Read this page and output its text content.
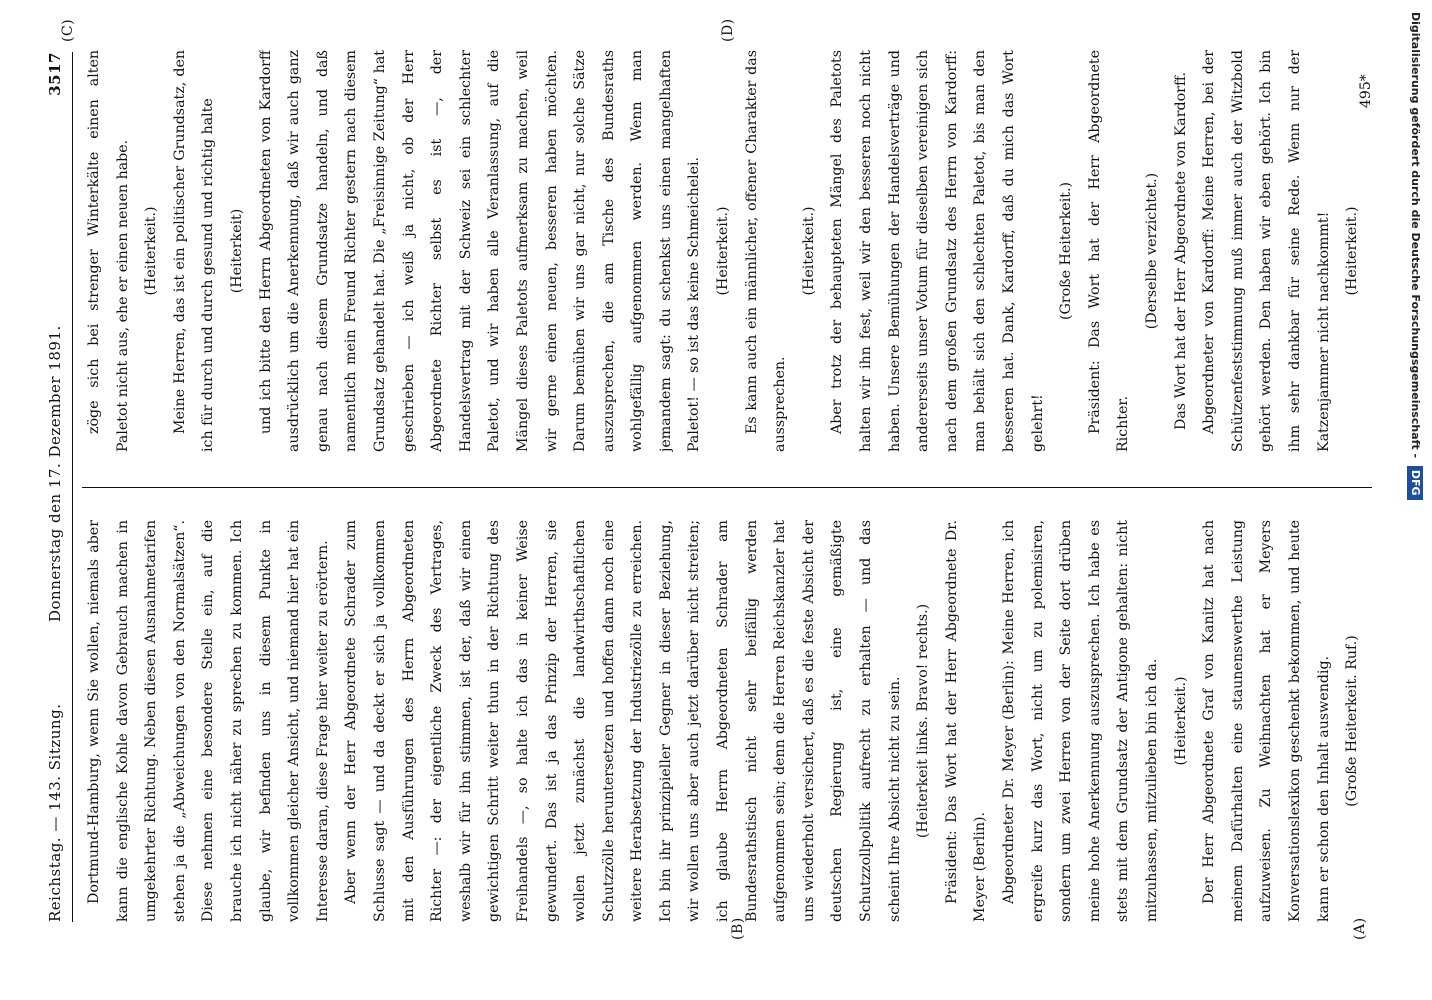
Reichstag. — 143. Sitzung.
Donnerstag den 17. Dezember 1891.
3517
(A)
(B)
(C)	(D)

Dortmund-Hamburg, wenn Sie wollen, niemals aber kann die englische Kohle davon Gebrauch machen in umgekehrter Richtung. Neben diesen Ausnahmetarifen stehen ja die „Abweichungen von den Normalsätzen“. Diese nehmen eine besondere Stelle ein, auf die brauche ich nicht näher zu sprechen zu kommen. Ich glaube, wir befinden uns in diesem Punkte in vollkommen gleicher Ansicht, und niemand hier hat ein Interesse daran, diese Frage hier weiter zu erörtern. Aber wenn der Herr Abgeordnete Schrader zum Schlusse sagt — und da deckt er sich ja vollkommen mit den Ausführungen des Herrn Abgeordneten Richter —: der eigentliche Zweck des Vertrages, weshalb wir für ihn stimmen, ist der, daß wir einen gewichtigen Schritt weiter thun in der Richtung des Freihandels —, so halte ich das in keiner Weise gewundert. Das ist ja das Prinzip der Herren, sie wollen jetzt zunächst die landwirthschaftlichen Schutzzölle heruntersetzen und hoffen dann noch eine weitere Herabsetzung der Industriezölle zu erreichen. Ich bin ihr prinzipieller Gegner in dieser Beziehung, wir wollen uns aber auch jetzt darüber nicht streiten; ich glaube Herrn Abgeordneten Schrader am Bundesrathstisch nicht sehr beifällig werden aufgenommen sein; denn die Herren Reichskanzler hat uns wiederholt versichert, daß es die feste Absicht der deutschen Regierung ist, eine gemäßigte Schutzzollpolitik aufrecht zu erhalten — und das scheint Ihre Absicht nicht zu sein. (Heiterkeit links. Bravo! rechts.) Präsident: Das Wort hat der Herr Abgeordnete Dr. Meyer (Berlin). Abgeordneter Dr. Meyer (Berlin): Meine Herren, ich ergreife kurz das Wort, nicht um zu polemisiren, sondern um zwei Herren von der Seite dort drüben meine hohe Anerkennung auszusprechen. Ich habe es stets mit dem Grundsatz der Antigone gehalten: nicht mitzuhassen, mitzulieben bin ich da. (Heiterkeit.) Der Herr Abgeordnete Graf von Kanitz hat nach meinem Dafürhalten eine staunenswerthe Leistung aufzuweisen. Zu Weihnachten hat er Meyers Konversationslexikon geschenkt bekommen, und heute kann er schon den Inhalt auswendig. (Große Heiterkeit. Ruf.)

zöge sich bei strenger Winterkälte einen alten Paletot nicht aus, ehe er einen neuen habe. (Heiterkeit.) Meine Herren, das ist ein politischer Grundsatz, den ich für durch und durch gesund und richtig halte (Heiterkeit) und ich bitte den Herrn Abgeordneten von Kardorff ausdrücklich um die Anerkennung, daß wir auch ganz genau nach diesem Grundsatze handeln, und daß namentlich mein Freund Richter gestern nach diesem Grundsatz gehandelt hat. Die „Freisinnige Zeitung“ hat geschrieben — ich weiß ja nicht, ob der Herr Abgeordnete Richter selbst es ist —, der Handelsvertrag mit der Schweiz sei ein schlechter Paletot, und wir haben alle Veranlassung, auf die Mängel dieses Paletots aufmerksam zu machen, weil wir gerne einen neuen, besseren haben möchten. Darum bemühen wir uns gar nicht, nur solche Sätze auszusprechen, die am Tische des Bundesraths wohlgefällig aufgenommen werden. Wenn man jemandem sagt: du schenkst uns einen mangelhaften Paletot! — so ist das keine Schmeichelei. (Heiterkeit.) Es kann auch ein männlicher, offener Charakter das aussprechen.

(Heiterkeit.) Aber trotz der behaupteten Mängel des Paletots halten wir ihn fest, weil wir den besseren noch nicht haben. Unsere Bemühungen der Handelsverträge und andererseits unser Votum für dieselben vereinigen sich nach dem großen Grundsatz des Herrn von Kardorff: man behält sich den schlechten Paletot, bis man den besseren hat. Dank, Kardorff, daß du mich das Wort gelehrt!

(Große Heiterkeit.) Präsident: Das Wort hat der Herr Abgeordnete Richter.

(Derselbe verzichtet.) Das Wort hat der Herr Abgeordnete von Kardorff. Abgeordneter von Kardorff: Meine Herren, bei der Schützenfeststimmung muß immer auch der Witzbold gehört werden. Den haben wir eben gehört. Ich bin ihm sehr dankbar für seine Rede. Wenn nur der Katzenjammer nicht nachkommt! (Heiterkeit.)

495*	Digitalisierung gefördert durch die Deutsche Forschungsgemeinschaft - DFG
